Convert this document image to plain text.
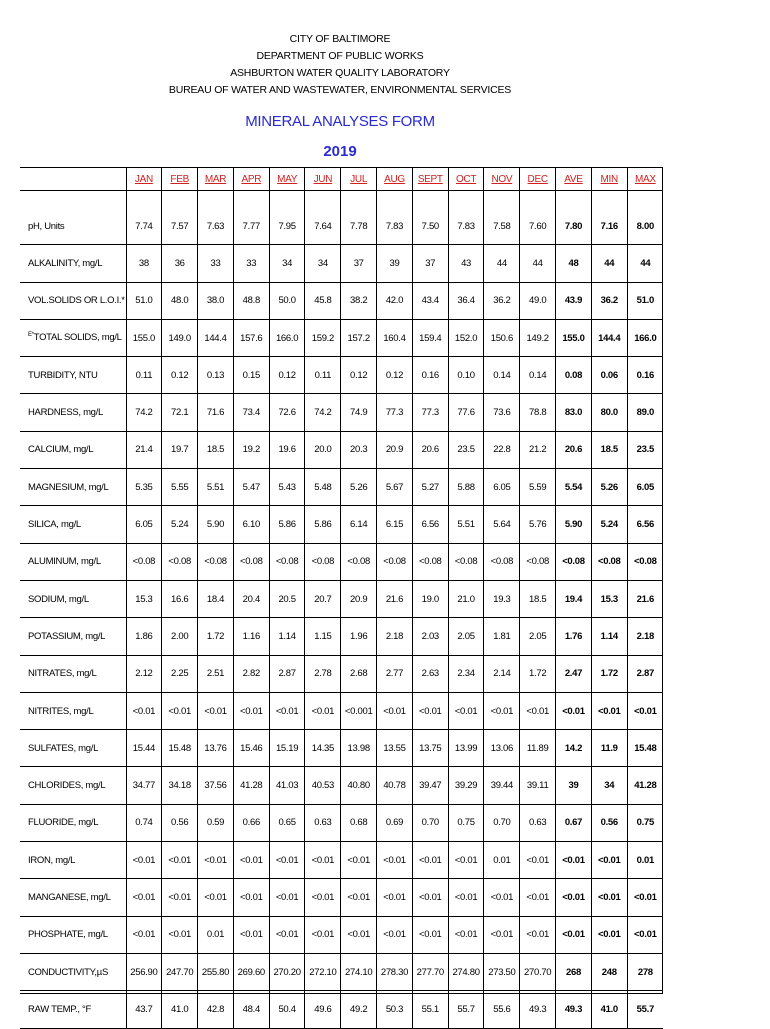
CITY OF BALTIMORE
DEPARTMENT OF PUBLIC WORKS
ASHBURTON WATER QUALITY LABORATORY
BUREAU OF WATER AND WASTEWATER, ENVIRONMENTAL SERVICES
MINERAL ANALYSES FORM
2019
	JAN	FEB	MAR	APR	MAY	JUN	JUL	AUG	SEPT	OCT	NOV	DEC	AVE	MIN	MAX

pH, Units	7.74	7.57	7.63	7.77	7.95	7.64	7.78	7.83	7.50	7.83	7.58	7.60	7.80	7.16	8.00
ALKALINITY, mg/L	38	36	33	33	34	34	37	39	37	43	44	44	48	44	44
VOL.SOLIDS OR L.O.I.*	51.0	48.0	38.0	48.8	50.0	45.8	38.2	42.0	43.4	36.4	36.2	49.0	43.9	36.2	51.0
$^{E*}$TOTAL SOLIDS, mg/L	155.0	149.0	144.4	157.6	166.0	159.2	157.2	160.4	159.4	152.0	150.6	149.2	155.0	144.4	166.0
TURBIDITY, NTU	0.11	0.12	0.13	0.15	0.12	0.11	0.12	0.12	0.16	0.10	0.14	0.14	0.08	0.06	0.16
HARDNESS, mg/L	74.2	72.1	71.6	73.4	72.6	74.2	74.9	77.3	77.3	77.6	73.6	78.8	83.0	80.0	89.0
CALCIUM, mg/L	21.4	19.7	18.5	19.2	19.6	20.0	20.3	20.9	20.6	23.5	22.8	21.2	20.6	18.5	23.5
MAGNESIUM, mg/L	5.35	5.55	5.51	5.47	5.43	5.48	5.26	5.67	5.27	5.88	6.05	5.59	5.54	5.26	6.05
SILICA, mg/L	6.05	5.24	5.90	6.10	5.86	5.86	6.14	6.15	6.56	5.51	5.64	5.76	5.90	5.24	6.56
ALUMINUM, mg/L	<0.08	<0.08	<0.08	<0.08	<0.08	<0.08	<0.08	<0.08	<0.08	<0.08	<0.08	<0.08	<0.08	<0.08	<0.08
SODIUM, mg/L	15.3	16.6	18.4	20.4	20.5	20.7	20.9	21.6	19.0	21.0	19.3	18.5	19.4	15.3	21.6
POTASSIUM, mg/L	1.86	2.00	1.72	1.16	1.14	1.15	1.96	2.18	2.03	2.05	1.81	2.05	1.76	1.14	2.18
NITRATES, mg/L	2.12	2.25	2.51	2.82	2.87	2.78	2.68	2.77	2.63	2.34	2.14	1.72	2.47	1.72	2.87
NITRITES, mg/L	<0.01	<0.01	<0.01	<0.01	<0.01	<0.01	<0.001	<0.01	<0.01	<0.01	<0.01	<0.01	<0.01	<0.01	<0.01
SULFATES, mg/L	15.44	15.48	13.76	15.46	15.19	14.35	13.98	13.55	13.75	13.99	13.06	11.89	14.2	11.9	15.48
CHLORIDES, mg/L	34.77	34.18	37.56	41.28	41.03	40.53	40.80	40.78	39.47	39.29	39.44	39.11	39	34	41.28
FLUORIDE, mg/L	0.74	0.56	0.59	0.66	0.65	0.63	0.68	0.69	0.70	0.75	0.70	0.63	0.67	0.56	0.75
IRON, mg/L	<0.01	<0.01	<0.01	<0.01	<0.01	<0.01	<0.01	<0.01	<0.01	<0.01	0.01	<0.01	<0.01	<0.01	0.01
MANGANESE, mg/L	<0.01	<0.01	<0.01	<0.01	<0.01	<0.01	<0.01	<0.01	<0.01	<0.01	<0.01	<0.01	<0.01	<0.01	<0.01
PHOSPHATE, mg/L	<0.01	<0.01	0.01	<0.01	<0.01	<0.01	<0.01	<0.01	<0.01	<0.01	<0.01	<0.01	<0.01	<0.01	<0.01
CONDUCTIVITY,µS	256.90	247.70	255.80	269.60	270.20	272.10	274.10	278.30	277.70	274.80	273.50	270.70	268	248	278
RAW TEMP., °F	43.7	41.0	42.8	48.4	50.4	49.6	49.2	50.3	55.1	55.7	55.6	49.3	49.3	41.0	55.7
